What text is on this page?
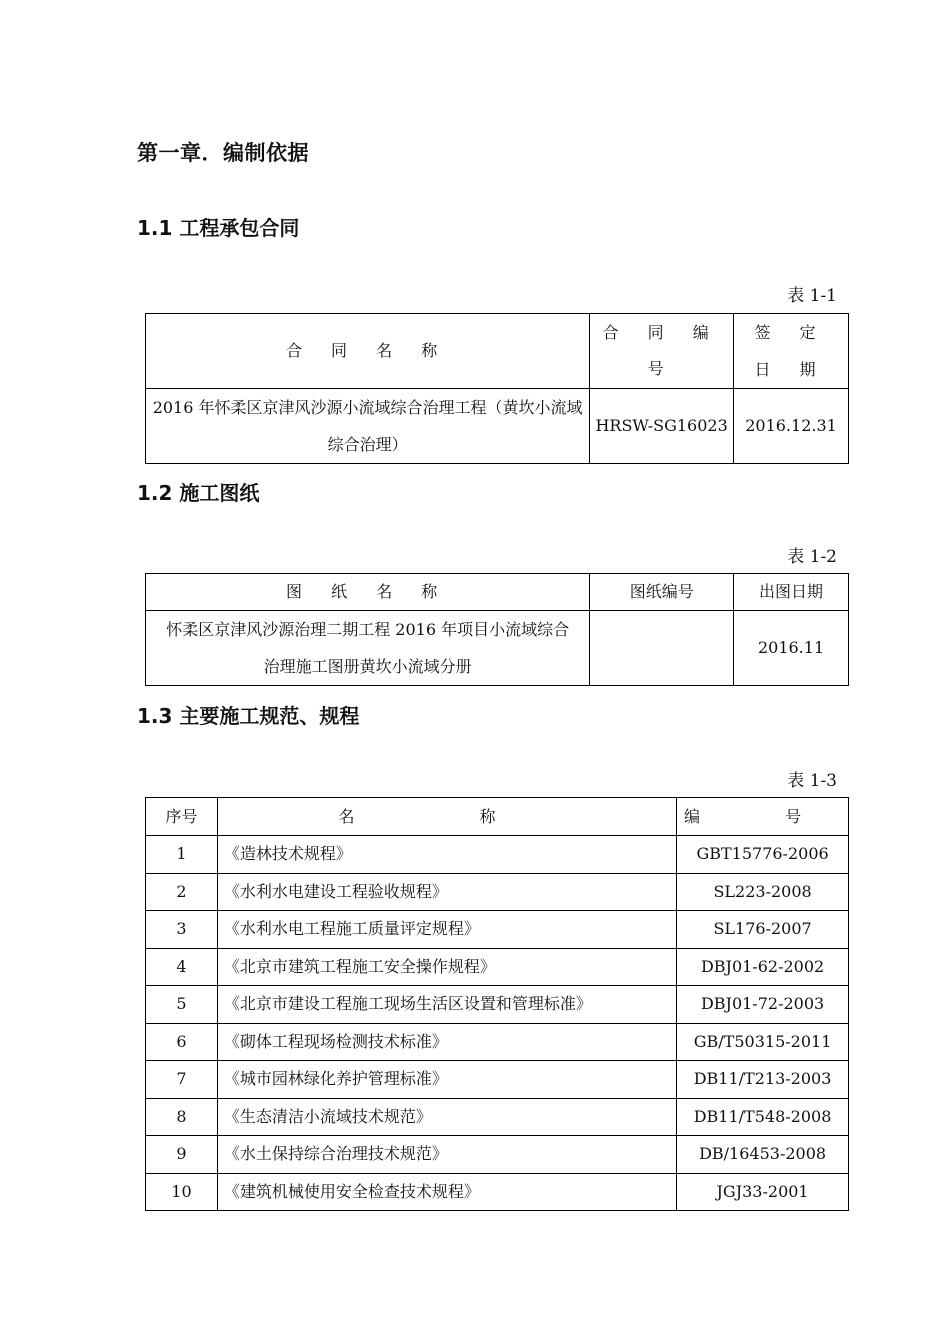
第一章．编制依据
1.1 工程承包合同
表 1-1
合 同 名 称	合 同 编 号	签 定 日 期
2016 年怀柔区京津风沙源小流域综合治理工程（黄坎小流域综合治理）	HRSW-SG16023	2016.12.31
1.2 施工图纸
表 1-2
图 纸 名 称	图纸编号	出图日期
怀柔区京津风沙源治理二期工程 2016 年项目小流域综合治理施工图册黄坎小流域分册		2016.11
1.3 主要施工规范、规程
表 1-3
序号	名 称	编 号
1	《造林技术规程》	GBT15776-2006
2	《水利水电建设工程验收规程》	SL223-2008
3	《水利水电工程施工质量评定规程》	SL176-2007
4	《北京市建筑工程施工安全操作规程》	DBJ01-62-2002
5	《北京市建设工程施工现场生活区设置和管理标准》	DBJ01-72-2003
6	《砌体工程现场检测技术标准》	GB/T50315-2011
7	《城市园林绿化养护管理标准》	DB11/T213-2003
8	《生态清洁小流域技术规范》	DB11/T548-2008
9	《水土保持综合治理技术规范》	DB/16453-2008
10	《建筑机械使用安全检查技术规程》	JGJ33-2001
